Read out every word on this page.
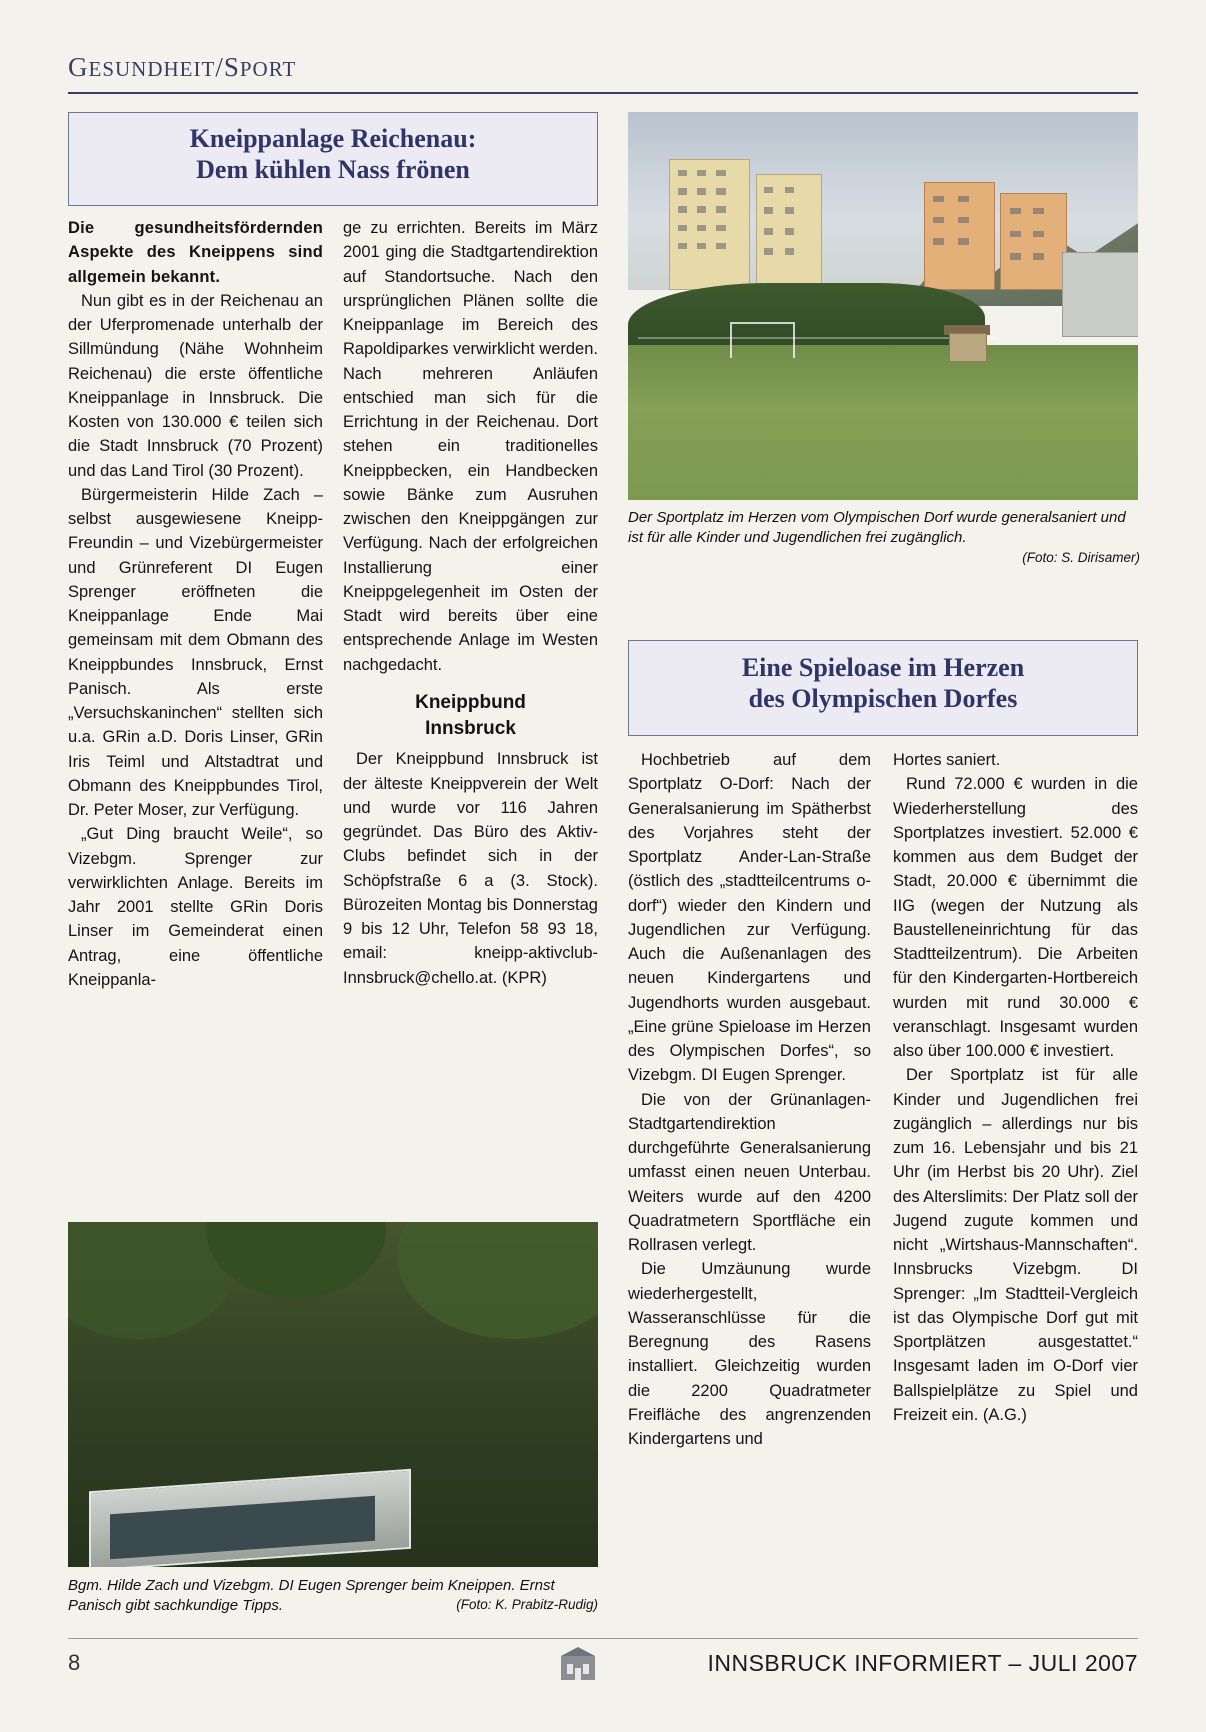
GESUNDHEIT/SPORT
Kneippanlage Reichenau:
Dem kühlen Nass frönen

Die gesundheitsfördernden Aspekte des Kneippens sind allgemein bekannt.

Nun gibt es in der Reichenau an der Uferpromenade unterhalb der Sillmündung (Nähe Wohnheim Reichenau) die erste öffentliche Kneippanlage in Innsbruck. Die Kosten von 130.000 € teilen sich die Stadt Innsbruck (70 Prozent) und das Land Tirol (30 Prozent).

Bürgermeisterin Hilde Zach – selbst ausgewiesene Kneipp-Freundin – und Vizebürgermeister und Grünreferent DI Eugen Sprenger eröffneten die Kneippanlage Ende Mai gemeinsam mit dem Obmann des Kneippbundes Innsbruck, Ernst Panisch. Als erste „Versuchskaninchen“ stellten sich u.a. GRin a.D. Doris Linser, GRin Iris Teiml und Altstadtrat und Obmann des Kneippbundes Tirol, Dr. Peter Moser, zur Verfügung.

„Gut Ding braucht Weile“, so Vizebgm. Sprenger zur verwirklichten Anlage. Bereits im Jahr 2001 stellte GRin Doris Linser im Gemeinderat einen Antrag, eine öffentliche Kneippanla-

ge zu errichten. Bereits im März 2001 ging die Stadtgartendirektion auf Standortsuche. Nach den ursprünglichen Plänen sollte die Kneippanlage im Bereich des Rapoldiparkes verwirklicht werden. Nach mehreren Anläufen entschied man sich für die Errichtung in der Reichenau. Dort stehen ein traditionelles Kneippbecken, ein Handbecken sowie Bänke zum Ausruhen zwischen den Kneippgängen zur Verfügung. Nach der erfolgreichen Installierung einer Kneippgelegenheit im Osten der Stadt wird bereits über eine entsprechende Anlage im Westen nachgedacht.

Kneippbund
Innsbruck

Der Kneippbund Innsbruck ist der älteste Kneippverein der Welt und wurde vor 116 Jahren gegründet. Das Büro des Aktiv-Clubs befindet sich in der Schöpfstraße 6 a (3. Stock). Bürozeiten Montag bis Donnerstag 9 bis 12 Uhr, Telefon 58 93 18, email: kneipp-aktivclub-Innsbruck@chello.at. (KPR)

Der Sportplatz im Herzen vom Olympischen Dorf wurde generalsaniert und ist für alle Kinder und Jugendlichen frei zugänglich.
(Foto: S. Dirisamer)
Eine Spieloase im Herzen
des Olympischen Dorfes

Hochbetrieb auf dem Sportplatz O-Dorf: Nach der Generalsanierung im Spätherbst des Vorjahres steht der Sportplatz Ander-Lan-Straße (östlich des „stadtteilcentrums o-dorf“) wieder den Kindern und Jugendlichen zur Verfügung. Auch die Außenanlagen des neuen Kindergartens und Jugendhorts wurden ausgebaut. „Eine grüne Spieloase im Herzen des Olympischen Dorfes“, so Vizebgm. DI Eugen Sprenger.

Die von der Grünanlagen-Stadtgartendirektion durchgeführte Generalsanierung umfasst einen neuen Unterbau. Weiters wurde auf den 4200 Quadratmetern Sportfläche ein Rollrasen verlegt.

Die Umzäunung wurde wiederhergestellt, Wasseranschlüsse für die Beregnung des Rasens installiert. Gleichzeitig wurden die 2200 Quadratmeter Freifläche des angrenzenden Kindergartens und

Hortes saniert.

Rund 72.000 € wurden in die Wiederherstellung des Sportplatzes investiert. 52.000 € kommen aus dem Budget der Stadt, 20.000 € übernimmt die IIG (wegen der Nutzung als Baustelleneinrichtung für das Stadtteilzentrum). Die Arbeiten für den Kindergarten-Hortbereich wurden mit rund 30.000 € veranschlagt. Insgesamt wurden also über 100.000 € investiert.

Der Sportplatz ist für alle Kinder und Jugendlichen frei zugänglich – allerdings nur bis zum 16. Lebensjahr und bis 21 Uhr (im Herbst bis 20 Uhr). Ziel des Alterslimits: Der Platz soll der Jugend zugute kommen und nicht „Wirtshaus-Mannschaften“. Innsbrucks Vizebgm. DI Sprenger: „Im Stadtteil-Vergleich ist das Olympische Dorf gut mit Sportplätzen ausgestattet.“ Insgesamt laden im O-Dorf vier Ballspielplätze zu Spiel und Freizeit ein. (A.G.)

Bgm. Hilde Zach und Vizebgm. DI Eugen Sprenger beim Kneippen. Ernst Panisch gibt sachkundige Tipps.	(Foto: K. Prabitz-Rudig)
8	INNSBRUCK INFORMIERT – JULI 2007
